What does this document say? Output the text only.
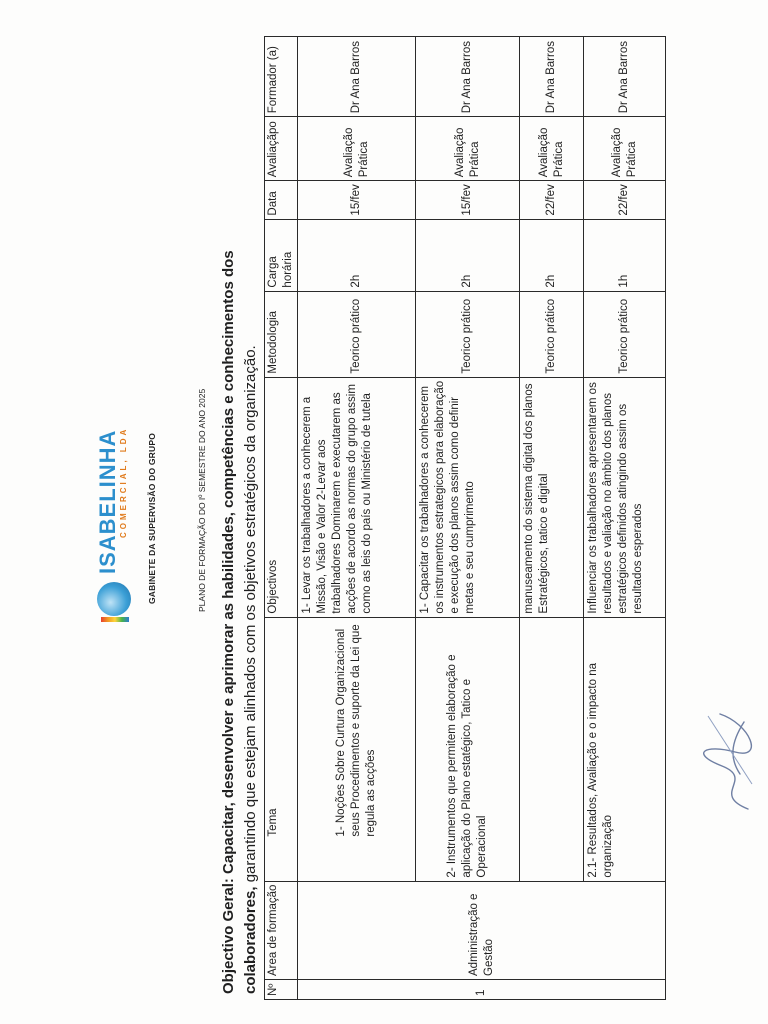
ISABELINHA COMERCIAL, LDA GABINETE DA SUPERVISÃO DO GRUPO	PLANO DE FORMAÇÃO DO Iº SEMESTRE DO ANO 2025
Objectivo Geral: Capacitar, desenvolver e aprimorar as habilidades, competências e conhecimentos dos colaboradores, garantindo que estejam alinhados com os objetivos estratégicos da organização.
Nº	Area de formação	Tema	Objectivos	Metodologia	Carga horária	Data	Avaliaçãpo	Formador (a)
1	Administração e Gestão	1- Noções Sobre Curtura Organizacional seus Procedimentos e suporte da Lei que regula as acções	1- Levar os trabalhadores a conhecerem a Missão, Visão e Valor 2-Levar aos trabalhadores Dominarem e executarem as acções de acordo as normas do grupo assim como as leis do país ou Ministério de tutela	Teorico prático	2h	15/fev	Avaliação Prática	Dr Ana Barros
		2- Instrumentos que permitem elaboração e aplicação do Plano estatégico, Tatico e Operacional	1- Capacitar os trabalhadores a conhecerem os instrumentos estrategicos para elaboração e execução dos planos assim como definir metas e seu cumprimento	Teorico prático	2h	15/fev	Avaliação Prática	Dr Ana Barros
			manuseamento do sistema digital dos planos Estratégicos, tatico e digital	Teorico prático	2h	22/fev	Avaliação Prática	Dr Ana Barros
		2.1- Resultados, Avaliação e o impacto na organização	Influenciar os trabalhadores apresentarem os resultados e valiação no âmbito dos planos estratégicos definidos atingindo assim os resultados esperados	Teorico prático	1h	22/fev	Avaliação Prática	Dr Ana Barros
